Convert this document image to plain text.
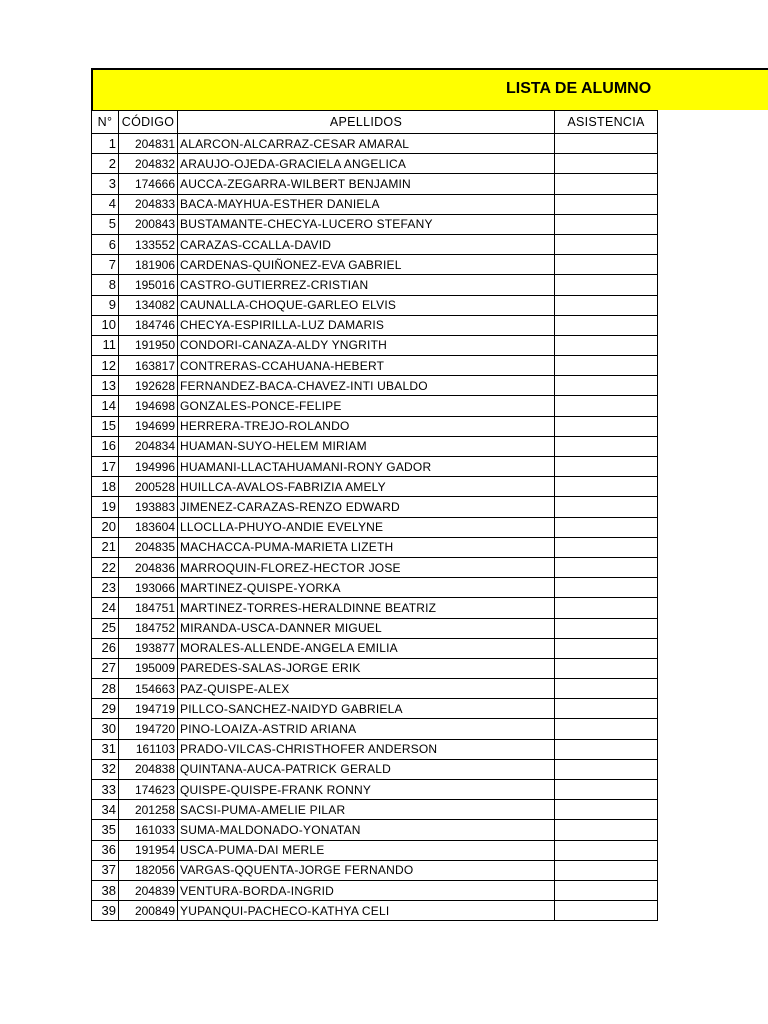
LISTA DE ALUMNO
N°	CÓDIGO	APELLIDOS	ASISTENCIA
1	204831	ALARCON-ALCARRAZ-CESAR AMARAL	
2	204832	ARAUJO-OJEDA-GRACIELA ANGELICA	
3	174666	AUCCA-ZEGARRA-WILBERT BENJAMIN	
4	204833	BACA-MAYHUA-ESTHER DANIELA	
5	200843	BUSTAMANTE-CHECYA-LUCERO STEFANY	
6	133552	CARAZAS-CCALLA-DAVID	
7	181906	CARDENAS-QUIÑONEZ-EVA GABRIEL	
8	195016	CASTRO-GUTIERREZ-CRISTIAN	
9	134082	CAUNALLA-CHOQUE-GARLEO ELVIS	
10	184746	CHECYA-ESPIRILLA-LUZ DAMARIS	
11	191950	CONDORI-CANAZA-ALDY YNGRITH	
12	163817	CONTRERAS-CCAHUANA-HEBERT	
13	192628	FERNANDEZ-BACA-CHAVEZ-INTI UBALDO	
14	194698	GONZALES-PONCE-FELIPE	
15	194699	HERRERA-TREJO-ROLANDO	
16	204834	HUAMAN-SUYO-HELEM MIRIAM	
17	194996	HUAMANI-LLACTAHUAMANI-RONY GADOR	
18	200528	HUILLCA-AVALOS-FABRIZIA AMELY	
19	193883	JIMENEZ-CARAZAS-RENZO EDWARD	
20	183604	LLOCLLA-PHUYO-ANDIE EVELYNE	
21	204835	MACHACCA-PUMA-MARIETA LIZETH	
22	204836	MARROQUIN-FLOREZ-HECTOR JOSE	
23	193066	MARTINEZ-QUISPE-YORKA	
24	184751	MARTINEZ-TORRES-HERALDINNE BEATRIZ	
25	184752	MIRANDA-USCA-DANNER MIGUEL	
26	193877	MORALES-ALLENDE-ANGELA EMILIA	
27	195009	PAREDES-SALAS-JORGE ERIK	
28	154663	PAZ-QUISPE-ALEX	
29	194719	PILLCO-SANCHEZ-NAIDYD GABRIELA	
30	194720	PINO-LOAIZA-ASTRID ARIANA	
31	161103	PRADO-VILCAS-CHRISTHOFER ANDERSON	
32	204838	QUINTANA-AUCA-PATRICK GERALD	
33	174623	QUISPE-QUISPE-FRANK RONNY	
34	201258	SACSI-PUMA-AMELIE PILAR	
35	161033	SUMA-MALDONADO-YONATAN	
36	191954	USCA-PUMA-DAI MERLE	
37	182056	VARGAS-QQUENTA-JORGE FERNANDO	
38	204839	VENTURA-BORDA-INGRID	
39	200849	YUPANQUI-PACHECO-KATHYA CELI	
